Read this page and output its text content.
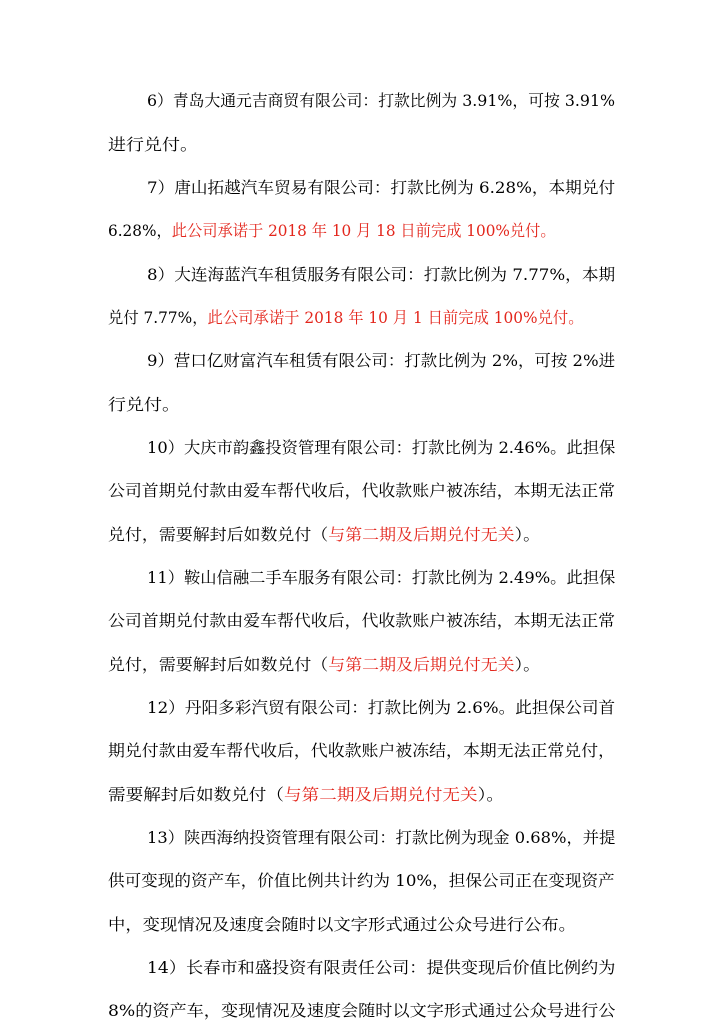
6）青岛大通元吉商贸有限公司：打款比例为 3.91%，可按 3.91%
进行兑付。
7）唐山拓越汽车贸易有限公司：打款比例为 6.28%，本期兑付
6.28%，此公司承诺于 2018 年 10 月 18 日前完成 100%兑付。
8）大连海蓝汽车租赁服务有限公司：打款比例为 7.77%，本期
兑付 7.77%，此公司承诺于 2018 年 10 月 1 日前完成 100%兑付。
9）营口亿财富汽车租赁有限公司：打款比例为 2%，可按 2%进
行兑付。
10）大庆市韵鑫投资管理有限公司：打款比例为 2.46%。此担保
公司首期兑付款由爱车帮代收后，代收款账户被冻结，本期无法正常
兑付，需要解封后如数兑付（与第二期及后期兑付无关）。
11）鞍山信融二手车服务有限公司：打款比例为 2.49%。此担保
公司首期兑付款由爱车帮代收后，代收款账户被冻结，本期无法正常
兑付，需要解封后如数兑付（与第二期及后期兑付无关）。
12）丹阳多彩汽贸有限公司：打款比例为 2.6%。此担保公司首
期兑付款由爱车帮代收后，代收款账户被冻结，本期无法正常兑付，
需要解封后如数兑付（与第二期及后期兑付无关）。
13）陕西海纳投资管理有限公司：打款比例为现金 0.68%，并提
供可变现的资产车，价值比例共计约为 10%，担保公司正在变现资产
中，变现情况及速度会随时以文字形式通过公众号进行公布。
14）长春市和盛投资有限责任公司：提供变现后价值比例约为
8%的资产车，变现情况及速度会随时以文字形式通过公众号进行公
